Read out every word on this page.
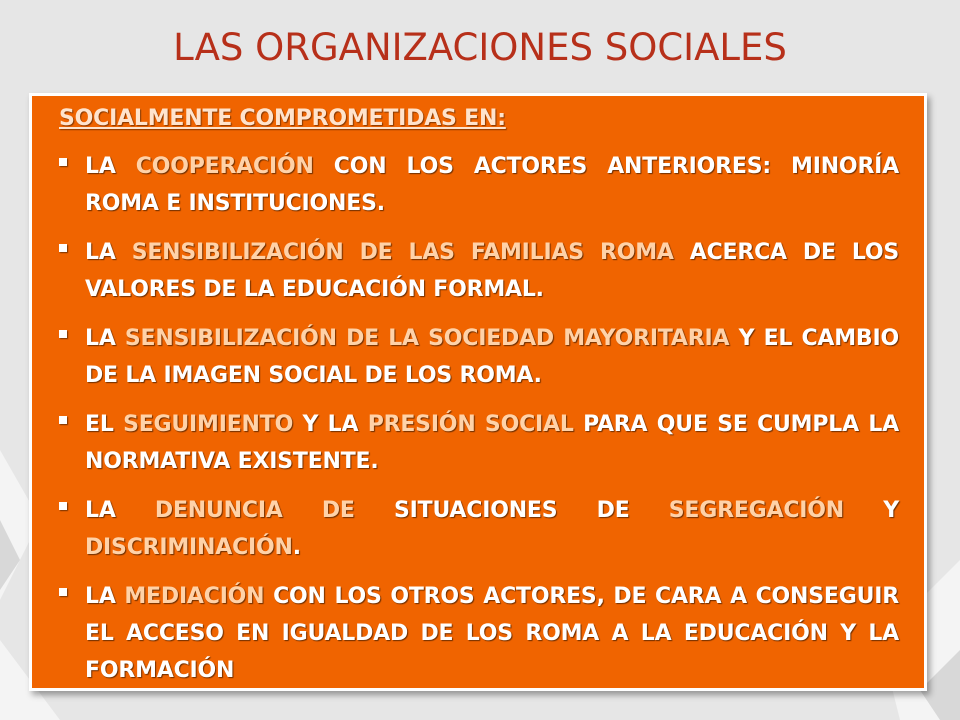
LAS ORGANIZACIONES SOCIALES

SOCIALMENTE COMPROMETIDAS EN:

LA COOPERACIÓN CON LOS ACTORES ANTERIORES: MINORÍA ROMA E INSTITUCIONES.
LA SENSIBILIZACIÓN DE LAS FAMILIAS ROMA ACERCA DE LOS VALORES DE LA EDUCACIÓN FORMAL.
LA SENSIBILIZACIÓN DE LA SOCIEDAD MAYORITARIA Y EL CAMBIO DE LA IMAGEN SOCIAL DE LOS ROMA.
EL SEGUIMIENTO Y LA PRESIÓN SOCIAL PARA QUE SE CUMPLA LA NORMATIVA EXISTENTE.
LA DENUNCIA DE SITUACIONES DE SEGREGACIÓN Y DISCRIMINACIÓN.
LA MEDIACIÓN CON LOS OTROS ACTORES, DE CARA A CONSEGUIR EL ACCESO EN IGUALDAD DE LOS ROMA A LA EDUCACIÓN Y LA FORMACIÓN
